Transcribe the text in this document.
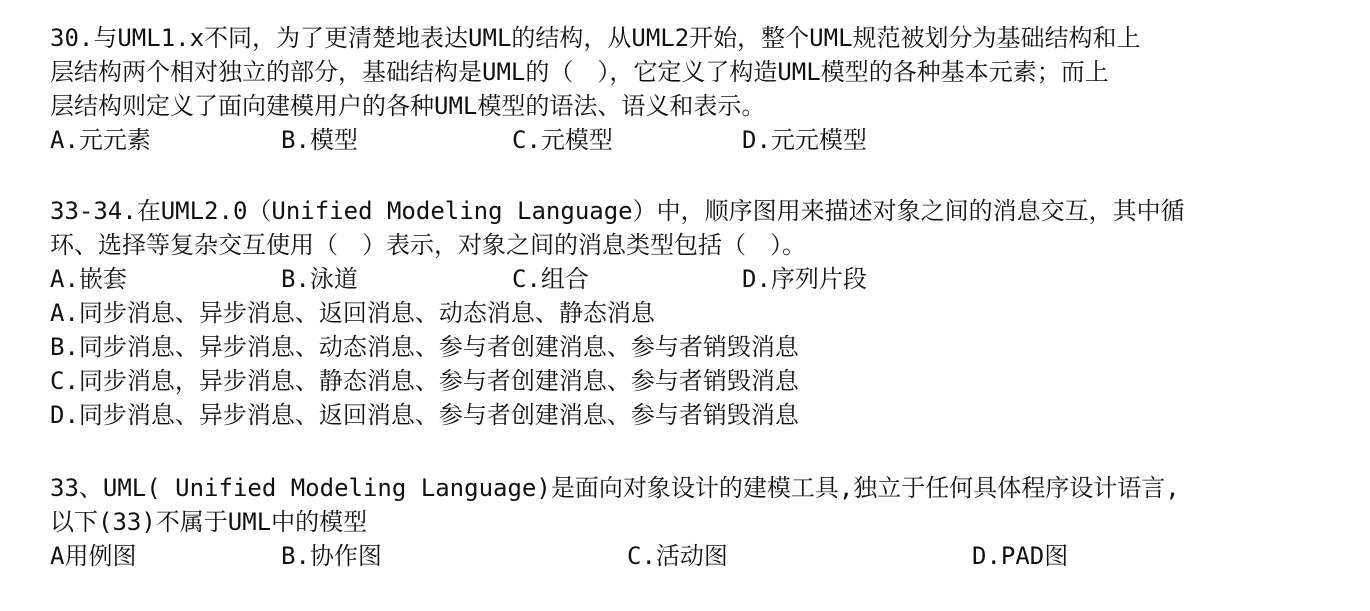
30.与UML1.x不同，为了更清楚地表达UML的结构，从UML2开始，整个UML规范被划分为基础结构和上
层结构两个相对独立的部分，基础结构是UML的（　），它定义了构造UML模型的各种基本元素；而上
层结构则定义了面向建模用户的各种UML模型的语法、语义和表示。
A.元元素	B.模型	C.元模型	D.元元模型
33-34.在UML2.0（Unified Modeling Language）中，顺序图用来描述对象之间的消息交互，其中循
环、选择等复杂交互使用（　）表示，对象之间的消息类型包括（　）。
A.嵌套	B.泳道	C.组合	D.序列片段
A.同步消息、异步消息、返回消息、动态消息、静态消息
B.同步消息、异步消息、动态消息、参与者创建消息、参与者销毁消息
C.同步消息，异步消息、静态消息、参与者创建消息、参与者销毁消息
D.同步消息、异步消息、返回消息、参与者创建消息、参与者销毁消息
33、UML( Unified Modeling Language)是面向对象设计的建模工具,独立于任何具体程序设计语言,
以下(33)不属于UML中的模型
A用例图	B.协作图	C.活动图	D.PAD图
